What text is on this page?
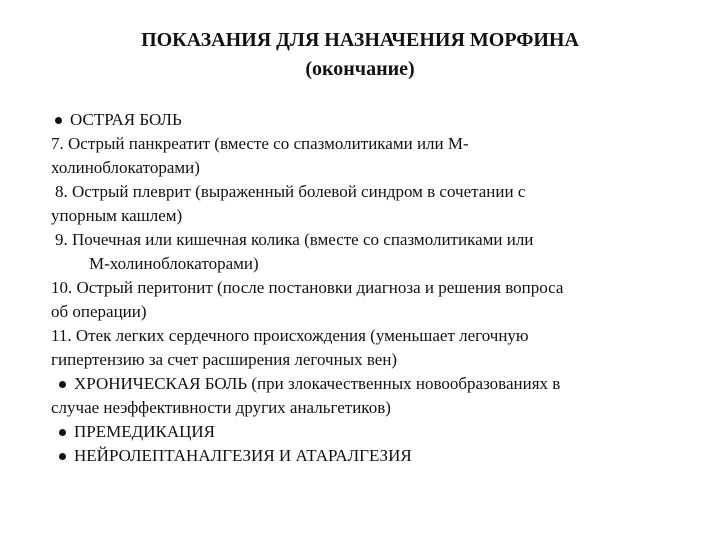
ПОКАЗАНИЯ ДЛЯ НАЗНАЧЕНИЯ МОРФИНА
(окончание)
ОСТРАЯ БОЛЬ
7. Острый панкреатит (вместе со спазмолитиками или М-
холиноблокаторами)
8. Острый плеврит (выраженный болевой синдром в сочетании с
упорным кашлем)
9. Почечная или кишечная колика (вместе со спазмолитиками или
М-холиноблокаторами)
10. Острый перитонит (после постановки диагноза и решения вопроса
об операции)
11. Отек легких сердечного происхождения (уменьшает легочную
гипертензию за счет расширения легочных вен)
ХРОНИЧЕСКАЯ БОЛЬ (при злокачественных новообразованиях в
случае неэффективности других анальгетиков)
ПРЕМЕДИКАЦИЯ
НЕЙРОЛЕПТАНАЛГЕЗИЯ И АТАРАЛГЕЗИЯ
